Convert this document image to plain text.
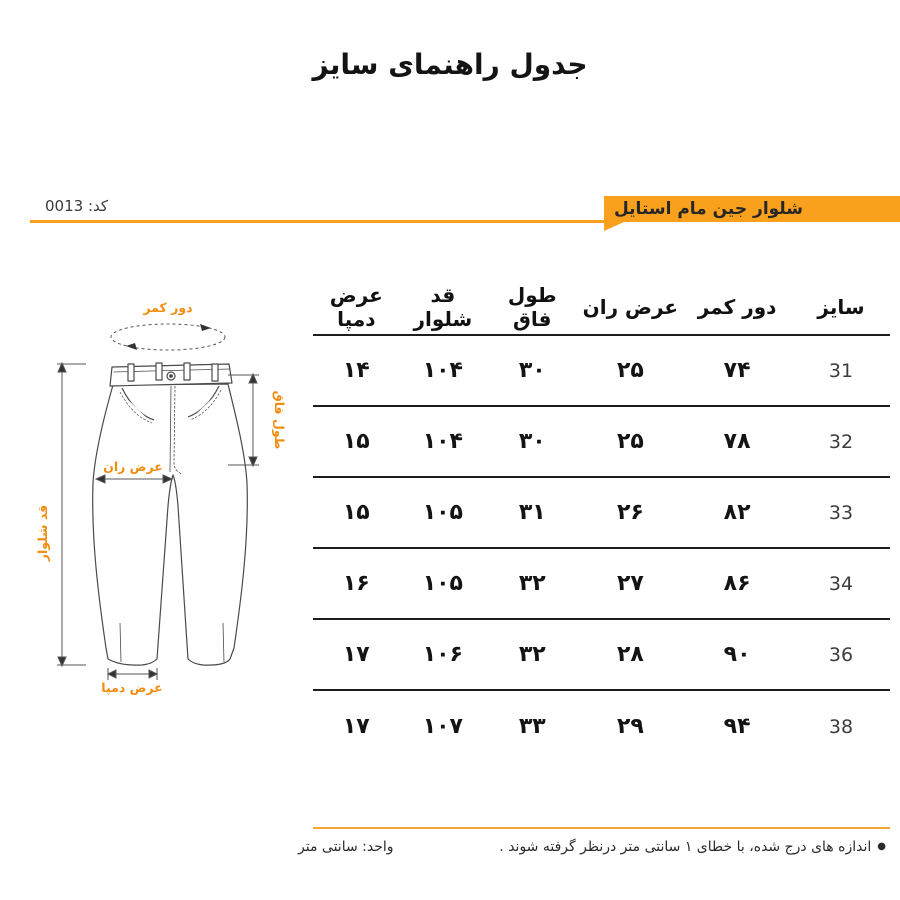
جدول راهنمای سایز
شلوار جین مام استایل
کد: 0013
سایز
دور کمر
عرض ران
طول فاق
قد شلوار
عرض دمپا
31
۷۴
۲۵
۳۰
۱۰۴
۱۴
32
۷۸
۲۵
۳۰
۱۰۴
۱۵
33
۸۲
۲۶
۳۱
۱۰۵
۱۵
34
۸۶
۲۷
۳۲
۱۰۵
۱۶
36
۹۰
۲۸
۳۲
۱۰۶
۱۷
38
۹۴
۲۹
۳۳
۱۰۷
۱۷
دور کمر
قد شلوار
طول فاق
عرض ران
عرض دمپا
●اندازه های درج شده، با خطای ۱ سانتی متر درنظر گرفته شوند .
واحد: سانتی متر
